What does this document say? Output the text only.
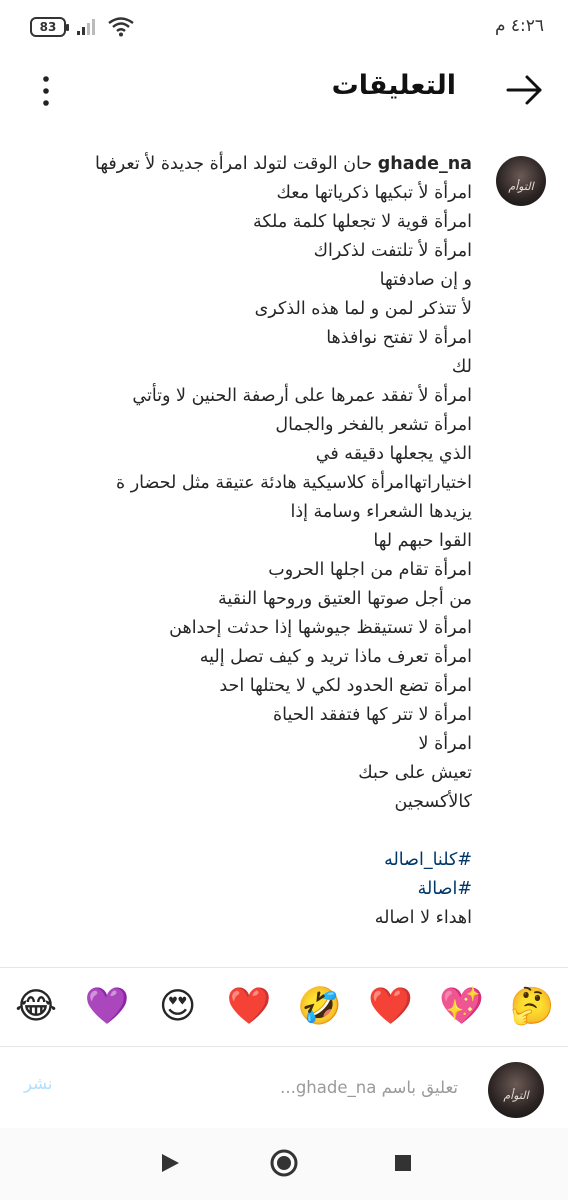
٤:٢٦ م
83
التعليقات
التوأم
ghade_na حان الوقت لتولد امرأة جديدة لأ تعرفها
امرأة لأ تبكيها ذكرياتها معك
امرأة قوية لا تجعلها كلمة ملكة
امرأة لأ تلتفت لذكراك
و إن صادفتها
لأ تتذكر لمن و لما هذه الذكرى
امرأة لا تفتح نوافذها
لك
امرأة لأ تفقد عمرها على أرصفة الحنين لا وتأتي
امرأة تشعر بالفخر والجمال
الذي يجعلها دقيقه في
اختياراتهاامرأة كلاسيكية هادئة عتيقة مثل لحضار ة
يزيدها الشعراء وسامة إذا
القوا حبهم لها
امرأة تقام من اجلها الحروب
من أجل صوتها العتيق وروحها النقية
امرأة لا تستيقظ جيوشها إذا حدثت إحداهن
امرأة تعرف ماذا تريد و كيف تصل إليه
امرأة تضع الحدود لكي لا يحتلها احد
امرأة لا تتر كها فتفقد الحياة
امرأة لا
تعيش على حبك
كالأكسجين
#كلنا_اصاله
#اصالة
اهداء لا اصاله
😂 💜 😍 ❤️ 🤣 ❤️ 💖 🤔
التوأم
تعليق باسم ghade_na...
نشر
